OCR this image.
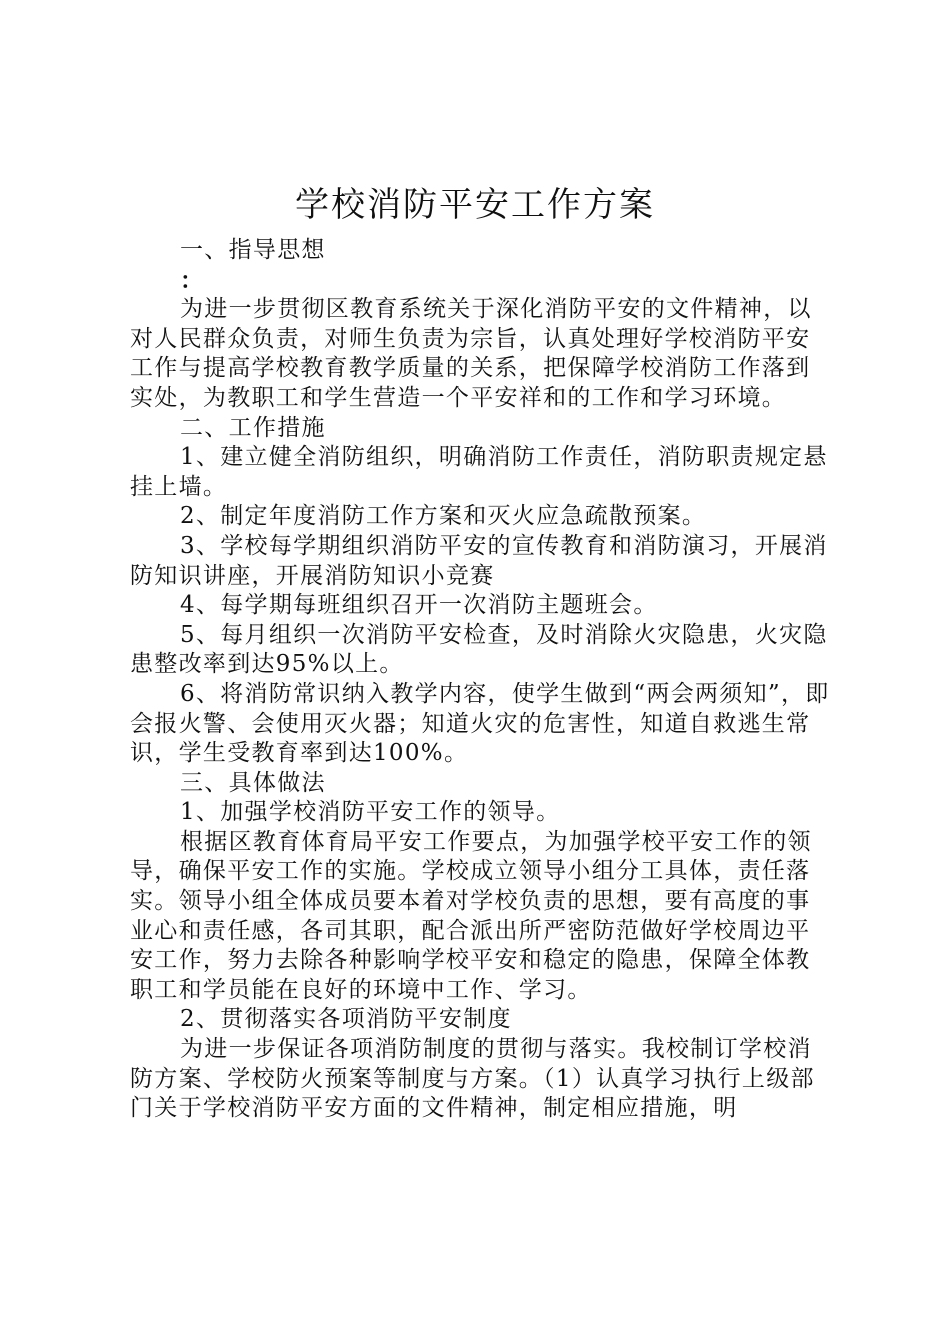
学校消防平安工作方案

一、指导思想

：

为进一步贯彻区教育系统关于深化消防平安的文件精神，以对人民群众负责，对师生负责为宗旨，认真处理好学校消防平安工作与提高学校教育教学质量的关系，把保障学校消防工作落到实处，为教职工和学生营造一个平安祥和的工作和学习环境。

二、工作措施

1、建立健全消防组织，明确消防工作责任，消防职责规定悬挂上墙。

2、制定年度消防工作方案和灭火应急疏散预案。

3、学校每学期组织消防平安的宣传教育和消防演习，开展消防知识讲座，开展消防知识小竞赛

4、每学期每班组织召开一次消防主题班会。

5、每月组织一次消防平安检查，及时消除火灾隐患，火灾隐患整改率到达95%以上。

6、将消防常识纳入教学内容，使学生做到“两会两须知”，即会报火警、会使用灭火器；知道火灾的危害性，知道自救逃生常识，学生受教育率到达100%。

三、具体做法

1、加强学校消防平安工作的领导。

根据区教育体育局平安工作要点，为加强学校平安工作的领导，确保平安工作的实施。学校成立领导小组分工具体，责任落实。领导小组全体成员要本着对学校负责的思想，要有高度的事业心和责任感，各司其职，配合派出所严密防范做好学校周边平安工作，努力去除各种影响学校平安和稳定的隐患，保障全体教职工和学员能在良好的环境中工作、学习。

2、贯彻落实各项消防平安制度

为进一步保证各项消防制度的贯彻与落实。我校制订学校消防方案、学校防火预案等制度与方案。（1）认真学习执行上级部门关于学校消防平安方面的文件精神，制定相应措施，明
